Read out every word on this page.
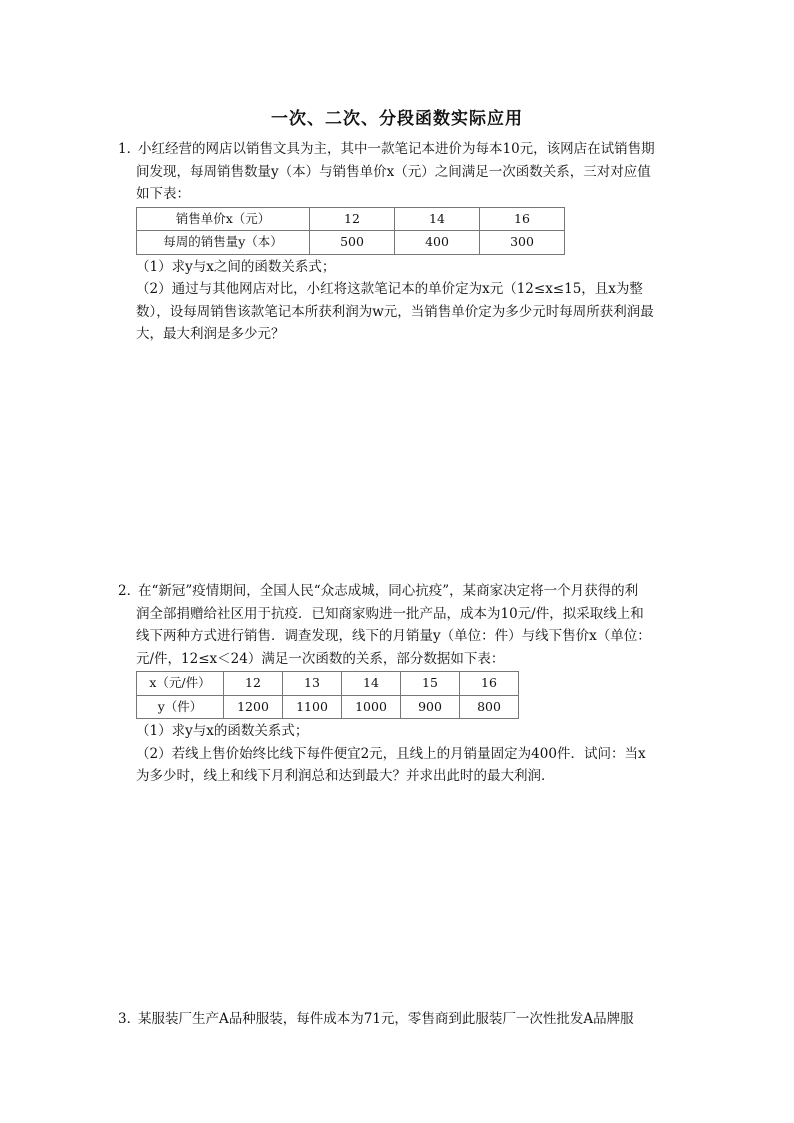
一次、二次、分段函数实际应用

1．小红经营的网店以销售文具为主，其中一款笔记本进价为每本10元，该网店在试销售期

间发现，每周销售数量y（本）与销售单价x（元）之间满足一次函数关系，三对对应值

如下表：

销售单价x（元）	12	14	16
每周的销售量y（本）	500	400	300

（1）求y与x之间的函数关系式；

（2）通过与其他网店对比，小红将这款笔记本的单价定为x元（12≤x≤15，且x为整

数），设每周销售该款笔记本所获利润为w元，当销售单价定为多少元时每周所获利润最

大，最大利润是多少元？

2．在“新冠”疫情期间，全国人民“众志成城，同心抗疫”，某商家决定将一个月获得的利

润全部捐赠给社区用于抗疫．已知商家购进一批产品，成本为10元/件，拟采取线上和

线下两种方式进行销售．调查发现，线下的月销量y（单位：件）与线下售价x（单位：

元/件，12≤x＜24）满足一次函数的关系，部分数据如下表：

x（元/件）	12	13	14	15	16
y（件）	1200	1100	1000	900	800

（1）求y与x的函数关系式；

（2）若线上售价始终比线下每件便宜2元，且线上的月销量固定为400件．试问：当x

为多少时，线上和线下月利润总和达到最大？并求出此时的最大利润．

3．某服装厂生产A品种服装，每件成本为71元，零售商到此服装厂一次性批发A品牌服
